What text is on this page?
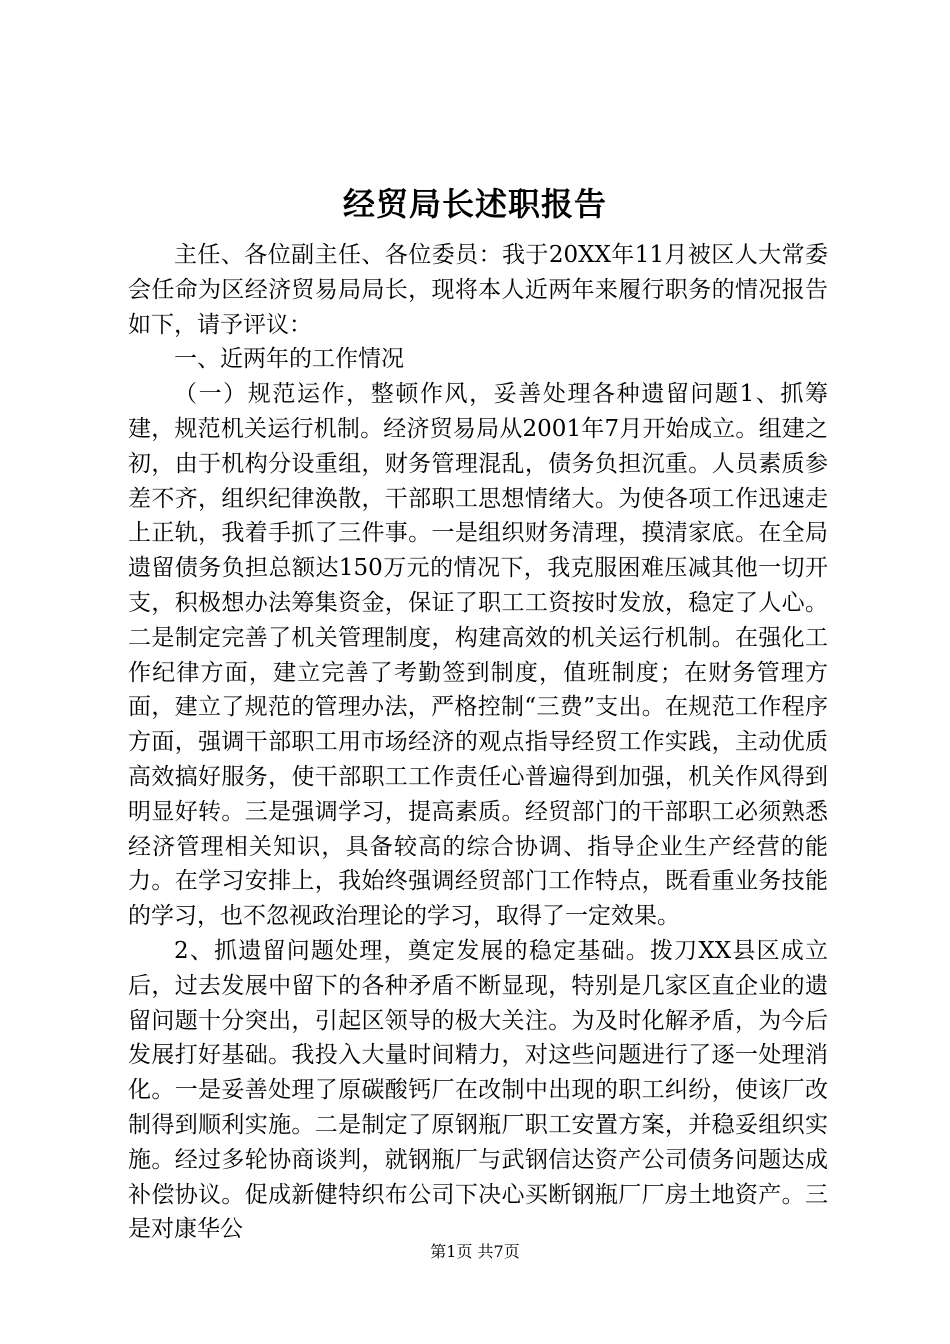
经贸局长述职报告

主任、各位副主任、各位委员：我于20XX年11月被区人大常委会任命为区经济贸易局局长，现将本人近两年来履行职务的情况报告如下，请予评议：

一、近两年的工作情况

（一）规范运作，整顿作风，妥善处理各种遗留问题1、抓筹建，规范机关运行机制。经济贸易局从2001年7月开始成立。组建之初，由于机构分设重组，财务管理混乱，债务负担沉重。人员素质参差不齐，组织纪律涣散，干部职工思想情绪大。为使各项工作迅速走上正轨，我着手抓了三件事。一是组织财务清理，摸清家底。在全局遗留债务负担总额达150万元的情况下，我克服困难压减其他一切开支，积极想办法筹集资金，保证了职工工资按时发放，稳定了人心。二是制定完善了机关管理制度，构建高效的机关运行机制。在强化工作纪律方面，建立完善了考勤签到制度，值班制度；在财务管理方面，建立了规范的管理办法，严格控制“三费”支出。在规范工作程序方面，强调干部职工用市场经济的观点指导经贸工作实践，主动优质高效搞好服务，使干部职工工作责任心普遍得到加强，机关作风得到明显好转。三是强调学习，提高素质。经贸部门的干部职工必须熟悉经济管理相关知识，具备较高的综合协调、指导企业生产经营的能力。在学习安排上，我始终强调经贸部门工作特点，既看重业务技能的学习，也不忽视政治理论的学习，取得了一定效果。

2、抓遗留问题处理，奠定发展的稳定基础。拨刀XX县区成立后，过去发展中留下的各种矛盾不断显现，特别是几家区直企业的遗留问题十分突出，引起区领导的极大关注。为及时化解矛盾，为今后发展打好基础。我投入大量时间精力，对这些问题进行了逐一处理消化。一是妥善处理了原碳酸钙厂在改制中出现的职工纠纷，使该厂改制得到顺利实施。二是制定了原钢瓶厂职工安置方案，并稳妥组织实施。经过多轮协商谈判，就钢瓶厂与武钢信达资产公司债务问题达成补偿协议。促成新健特织布公司下决心买断钢瓶厂厂房土地资产。三是对康华公

第1页 共7页
